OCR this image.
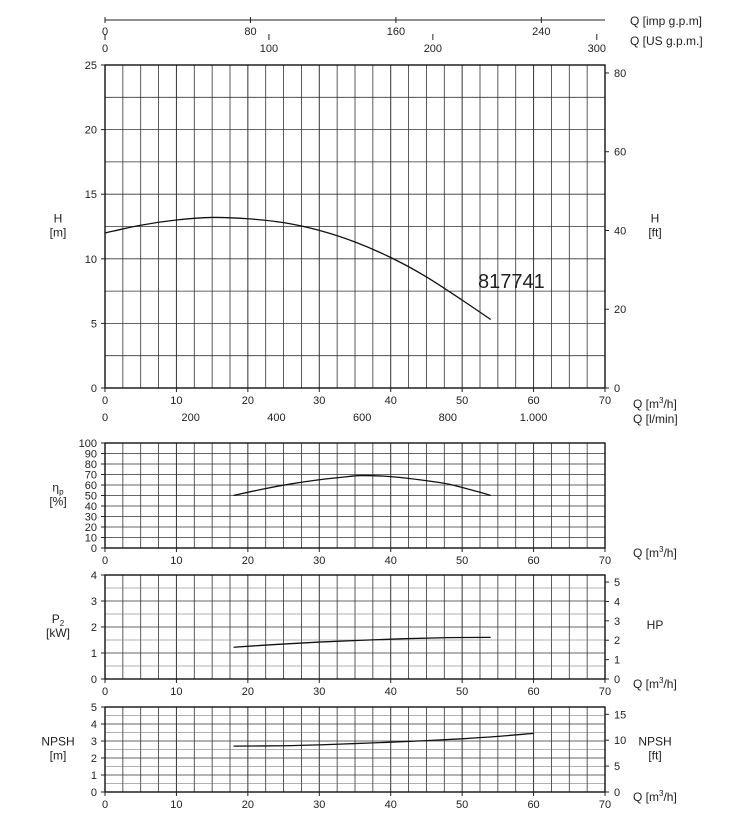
0	80	160	240
Q [imp g.p.m]
0	100	200	300
Q [US g.p.m.]
0
5
10
15
20
25
0
20
40
60
80
0	10	20	30	40	50	60	70 Q $[m^3/h]$
H
[m]
H
[ft]
0
10
20
30
40
50
60
70
80
90
100
0	10	20	30	40	50	60	70
Q $[m^3/h]$
$\eta_p$
[%]
0
1
2
3
4
0
1
2
3
4
5
0	10	20	30	40	50	60	70
Q $[m^3/h]$
$P_2$
[kW]
HP
0
1
2
3
4
5
0
5
10
15
0	10	20	30	40	50	60	70
Q $[m^3/h]$
NPSH
[m]
NPSH
[ft]
0	200	400	600	800	1.000	Q [l/min]
817741
